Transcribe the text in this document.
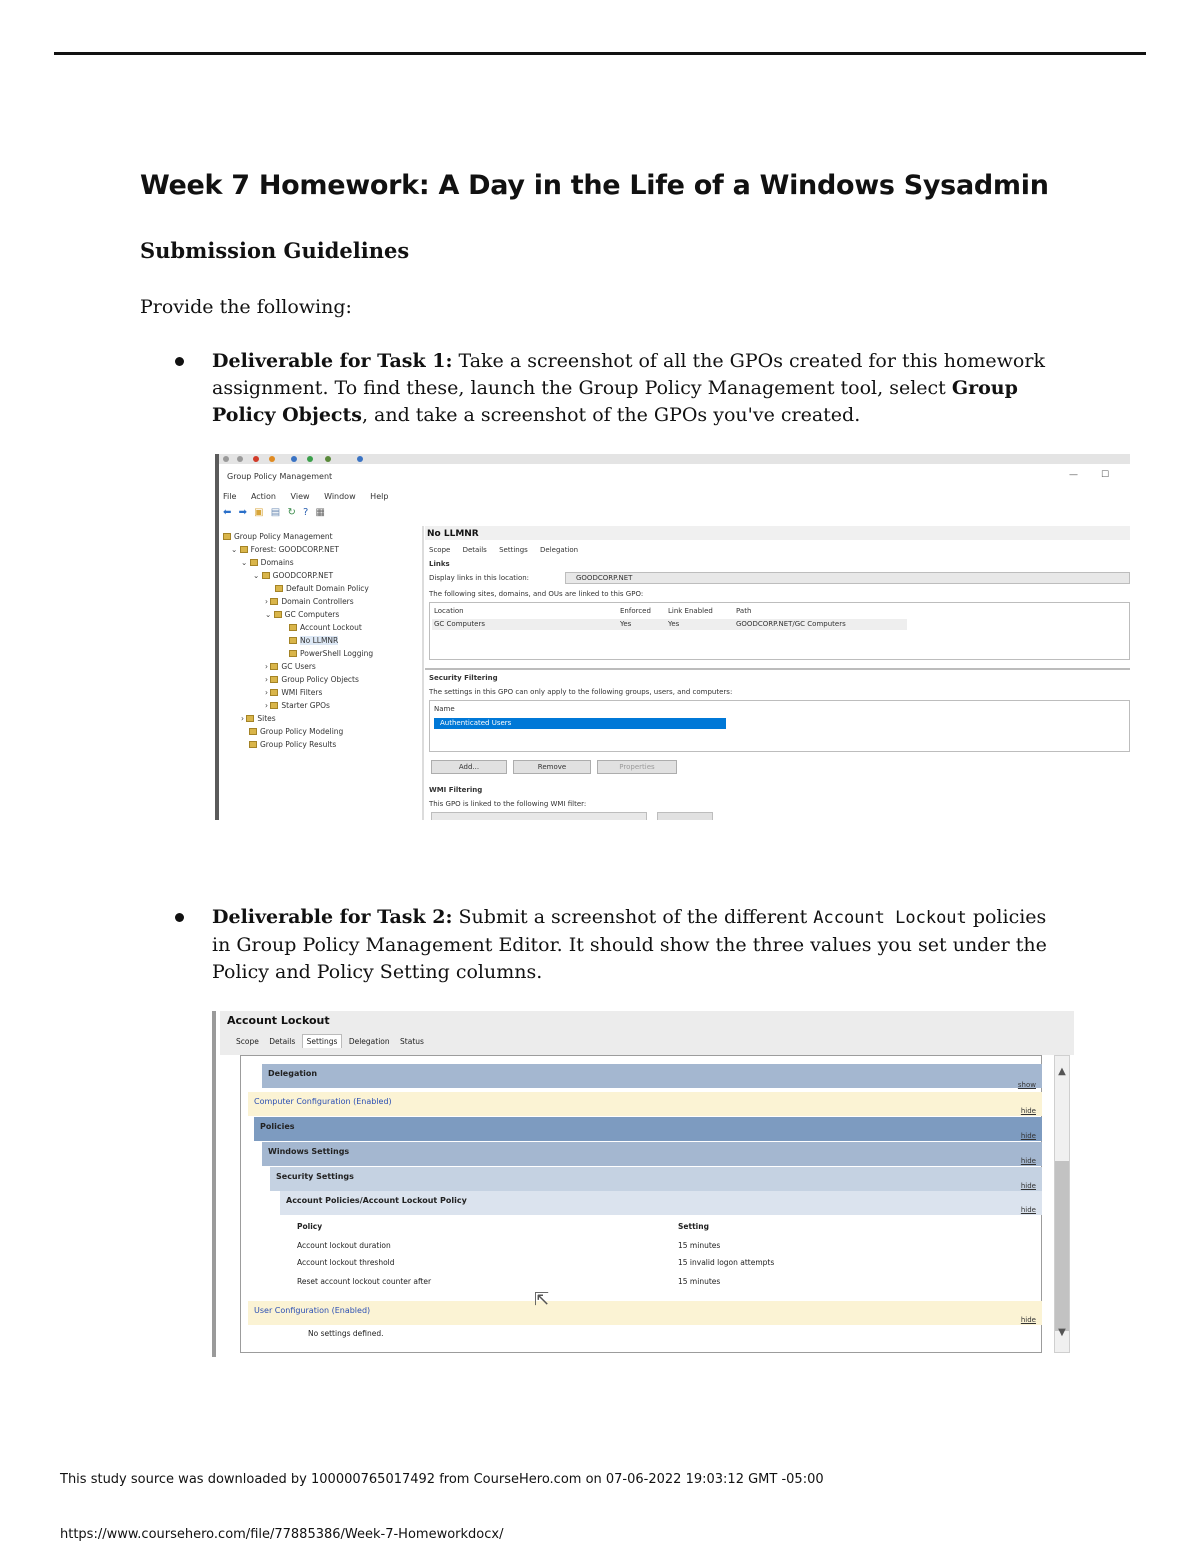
Week 7 Homework: A Day in the Life of a Windows Sysadmin
Submission Guidelines

Provide the following:

Deliverable for Task 1: Take a screenshot of all the GPOs created for this homework
assignment. To find these, launch the Group Policy Management tool, select Group
Policy Objects, and take a screenshot of the GPOs you've created.
Group Policy Management	—	☐
File Action View Window Help
⬅ ➡ ▣ ▤ ↻ ? ▦
Group Policy Management
⌄ Forest: GOODCORP.NET
⌄ Domains
⌄ GOODCORP.NET
Default Domain Policy
› Domain Controllers
⌄ GC Computers
Account Lockout
No LLMNR
PowerShell Logging
› GC Users
› Group Policy Objects
› WMI Filters
› Starter GPOs
› Sites
Group Policy Modeling
Group Policy Results
No LLMNR
Scope Details Settings Delegation
Links
Display links in this location:	GOODCORP.NET
The following sites, domains, and OUs are linked to this GPO:
Location	Enforced Link Enabled	Path
GC Computers	Yes	Yes	GOODCORP.NET/GC Computers
Security Filtering
The settings in this GPO can only apply to the following groups, users, and computers:
Name
Authenticated Users
Add...	Remove	Properties
WMI Filtering
This GPO is linked to the following WMI filter:
Deliverable for Task 2: Submit a screenshot of the different Account Lockout policies
in Group Policy Management Editor. It should show the three values you set under the
Policy and Policy Setting columns.
Account Lockout
Scope Details Settings Delegation Status
Delegation
show
Computer Configuration (Enabled)
hide
Policies
hide
Windows Settings
hide
Security Settings
hide
Account Policies/Account Lockout Policy
hide
Policy	Setting
Account lockout duration	15 minutes
Account lockout threshold	15 invalid logon attempts
Reset account lockout counter after	15 minutes
User Configuration (Enabled)
hide
No settings defined.
▲
▼
⇱
This study source was downloaded by 100000765017492 from CourseHero.com on 07-06-2022 19:03:12 GMT -05:00
https://www.coursehero.com/file/77885386/Week-7-Homeworkdocx/
